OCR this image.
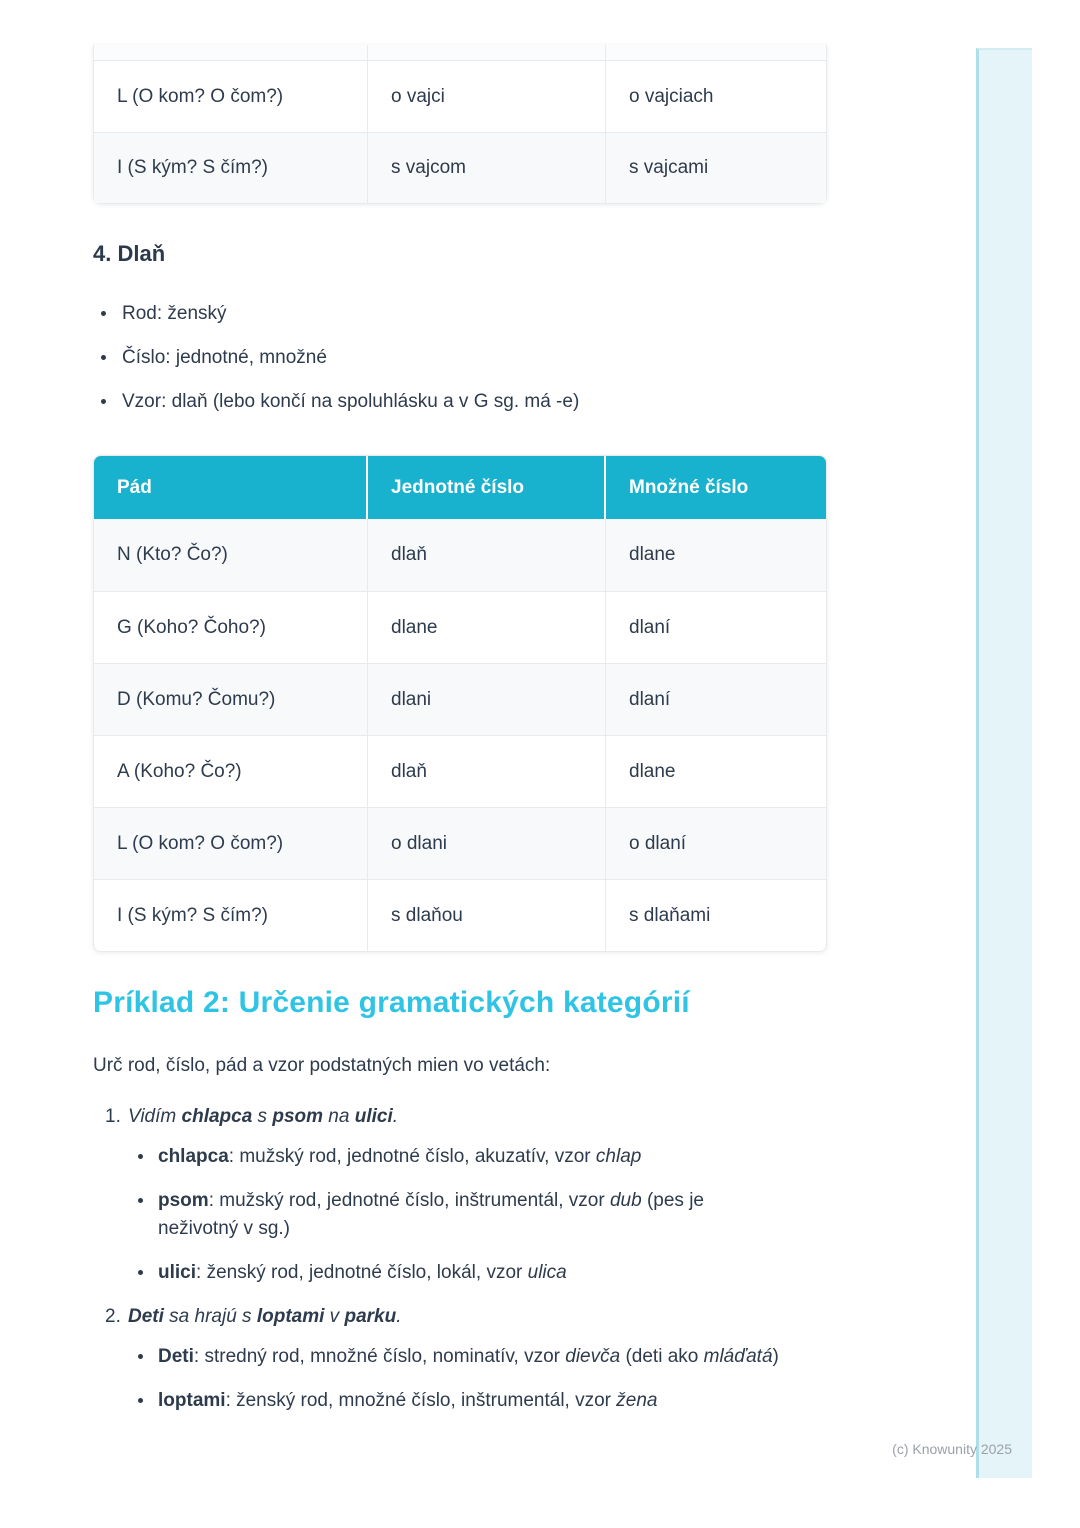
L (O kom? O čom?)	o vajci	o vajciach
I (S kým? S čím?)	s vajcom	s vajcami
4. Dlaň
Rod: ženský
Číslo: jednotné, množné
Vzor: dlaň (lebo končí na spoluhlásku a v G sg. má -e)
Pád	Jednotné číslo	Množné číslo
N (Kto? Čo?)	dlaň	dlane
G (Koho? Čoho?)	dlane	dlaní
D (Komu? Čomu?)	dlani	dlaní
A (Koho? Čo?)	dlaň	dlane
L (O kom? O čom?)	o dlani	o dlaní
I (S kým? S čím?)	s dlaňou	s dlaňami
Príklad 2: Určenie gramatických kategórií

Urč rod, číslo, pád a vzor podstatných mien vo vetách:

1. Vidím chlapca s psom na ulici.
chlapca: mužský rod, jednotné číslo, akuzatív, vzor chlap
psom: mužský rod, jednotné číslo, inštrumentál, vzor dub (pes je neživotný v sg.)
ulici: ženský rod, jednotné číslo, lokál, vzor ulica
2. Deti sa hrajú s loptami v parku.
Deti: stredný rod, množné číslo, nominatív, vzor dievča (deti ako mláďatá)
loptami: ženský rod, množné číslo, inštrumentál, vzor žena
(c) Knowunity 2025
